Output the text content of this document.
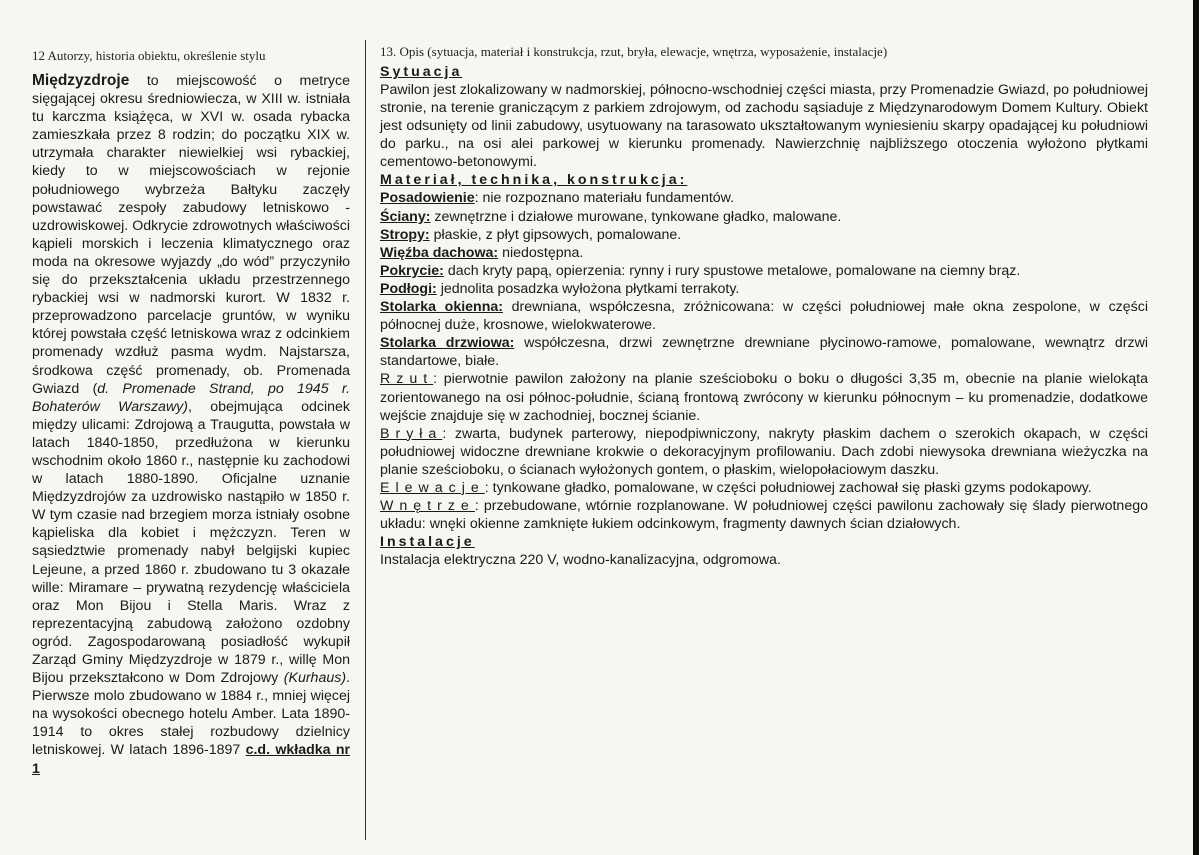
12 Autorzy, historia obiektu, określenie stylu

Międzyzdroje to miejscowość o metryce sięgającej okresu średniowiecza, w XIII w. istniała tu karczma książęca, w XVI w. osada rybacka zamieszkała przez 8 rodzin; do początku XIX w. utrzymała charakter niewielkiej wsi rybackiej, kiedy to w miejscowościach w rejonie południowego wybrzeża Bałtyku zaczęły powstawać zespoły zabudowy letniskowo - uzdrowiskowej. Odkrycie zdrowotnych właściwości kąpieli morskich i leczenia klimatycznego oraz moda na okresowe wyjazdy „do wód” przyczyniło się do przekształcenia układu przestrzennego rybackiej wsi w nadmorski kurort. W 1832 r. przeprowadzono parcelacje gruntów, w wyniku której powstała część letniskowa wraz z odcinkiem promenady wzdłuż pasma wydm. Najstarsza, środkowa część promenady, ob. Promenada Gwiazd (d. Promenade Strand, po 1945 r. Bohaterów Warszawy), obejmująca odcinek między ulicami: Zdrojową a Traugutta, powstała w latach 1840-1850, przedłużona w kierunku wschodnim około 1860 r., następnie ku zachodowi w latach 1880-1890. Oficjalne uznanie Międzyzdrojów za uzdrowisko nastąpiło w 1850 r. W tym czasie nad brzegiem morza istniały osobne kąpieliska dla kobiet i mężczyzn. Teren w sąsiedztwie promenady nabył belgijski kupiec Lejeune, a przed 1860 r. zbudowano tu 3 okazałe wille: Miramare – prywatną rezydencję właściciela oraz Mon Bijou i Stella Maris. Wraz z reprezentacyjną zabudową założono ozdobny ogród. Zagospodarowaną posiadłość wykupił Zarząd Gminy Międzyzdroje w 1879 r., willę Mon Bijou przekształcono w Dom Zdrojowy (Kurhaus). Pierwsze molo zbudowano w 1884 r., mniej więcej na wysokości obecnego hotelu Amber. Lata 1890-1914 to okres stałej rozbudowy dzielnicy letniskowej. W latach 1896-1897 c.d. wkładka nr 1

13. Opis (sytuacja, materiał i konstrukcja, rzut, bryła, elewacje, wnętrza, wyposażenie, instalacje)
Sytuacja

Pawilon jest zlokalizowany w nadmorskiej, północno-wschodniej części miasta, przy Promenadzie Gwiazd, po południowej stronie, na terenie graniczącym z parkiem zdrojowym, od zachodu sąsiaduje z Międzynarodowym Domem Kultury. Obiekt jest odsunięty od linii zabudowy, usytuowany na tarasowato ukształtowanym wyniesieniu skarpy opadającej ku południowi do parku., na osi alei parkowej w kierunku promenady. Nawierzchnię najbliższego otoczenia wyłożono płytkami cementowo-betonowymi.

Materiał, technika, konstrukcja:

Posadowienie: nie rozpoznano materiału fundamentów.

Ściany: zewnętrzne i działowe murowane, tynkowane gładko, malowane.

Stropy: płaskie, z płyt gipsowych, pomalowane.

Więźba dachowa: niedostępna.

Pokrycie: dach kryty papą, opierzenia: rynny i rury spustowe metalowe, pomalowane na ciemny brąz.

Podłogi: jednolita posadzka wyłożona płytkami terrakoty.

Stolarka okienna: drewniana, współczesna, zróżnicowana: w części południowej małe okna zespolone, w części północnej duże, krosnowe, wielokwaterowe.

Stolarka drzwiowa: współczesna, drzwi zewnętrzne drewniane płycinowo-ramowe, pomalowane, wewnątrz drzwi standartowe, białe.

Rzut: pierwotnie pawilon założony na planie sześcioboku o boku o długości 3,35 m, obecnie na planie wielokąta zorientowanego na osi północ-południe, ścianą frontową zwrócony w kierunku północnym – ku promenadzie, dodatkowe wejście znajduje się w zachodniej, bocznej ścianie.

Bryła: zwarta, budynek parterowy, niepodpiwniczony, nakryty płaskim dachem o szerokich okapach, w części południowej widoczne drewniane krokwie o dekoracyjnym profilowaniu. Dach zdobi niewysoka drewniana wieżyczka na planie sześcioboku, o ścianach wyłożonych gontem, o płaskim, wielopołaciowym daszku.

Elewacje: tynkowane gładko, pomalowane, w części południowej zachował się płaski gzyms podokapowy.

Wnętrze: przebudowane, wtórnie rozplanowane. W południowej części pawilonu zachowały się ślady pierwotnego układu: wnęki okienne zamknięte łukiem odcinkowym, fragmenty dawnych ścian działowych.

Instalacje

Instalacja elektryczna 220 V, wodno-kanalizacyjna, odgromowa.
